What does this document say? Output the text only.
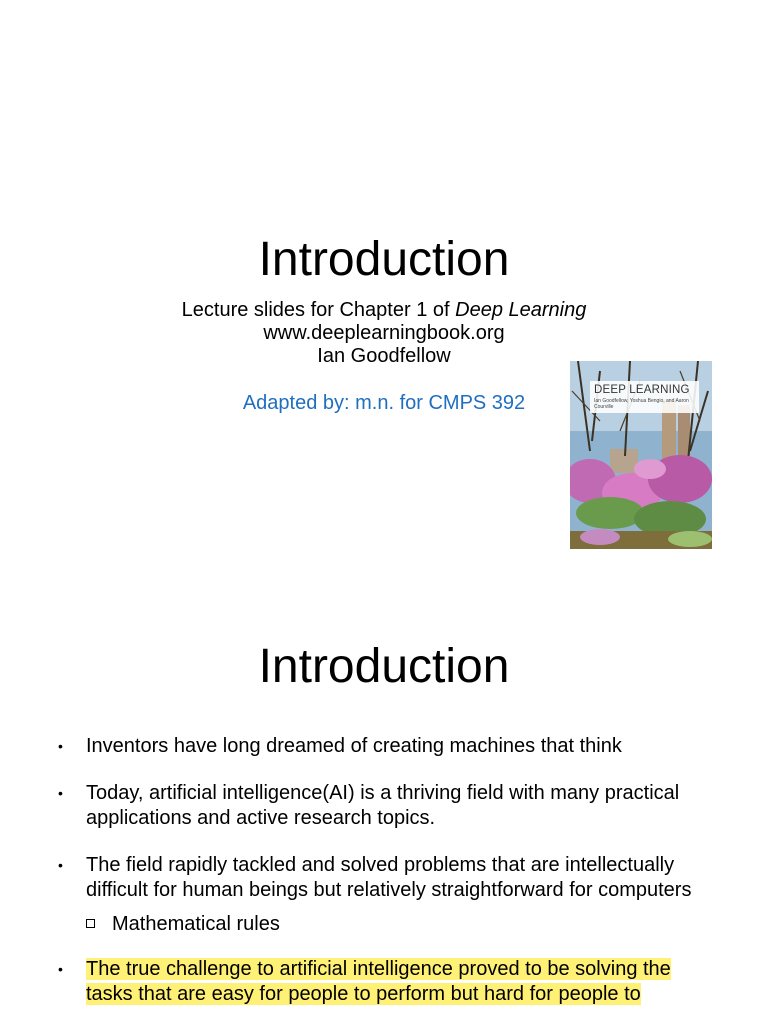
Introduction
Lecture slides for Chapter 1 of Deep Learning
www.deeplearningbook.org
Ian Goodfellow
Adapted by: m.n. for CMPS 392
DEEP LEARNING
Ian Goodfellow, Yoshua Bengio, and Aaron Courville
Introduction
•
Inventors have long dreamed of creating machines that think
•
Today, artificial intelligence(AI) is a thriving field with many practical applications and active research topics.
•
The field rapidly tackled and solved problems that are intellectually difficult for human beings but relatively straightforward for computers
Mathematical rules
•
The true challenge to artificial intelligence proved to be solving the tasks that are easy for people to perform but hard for people to
